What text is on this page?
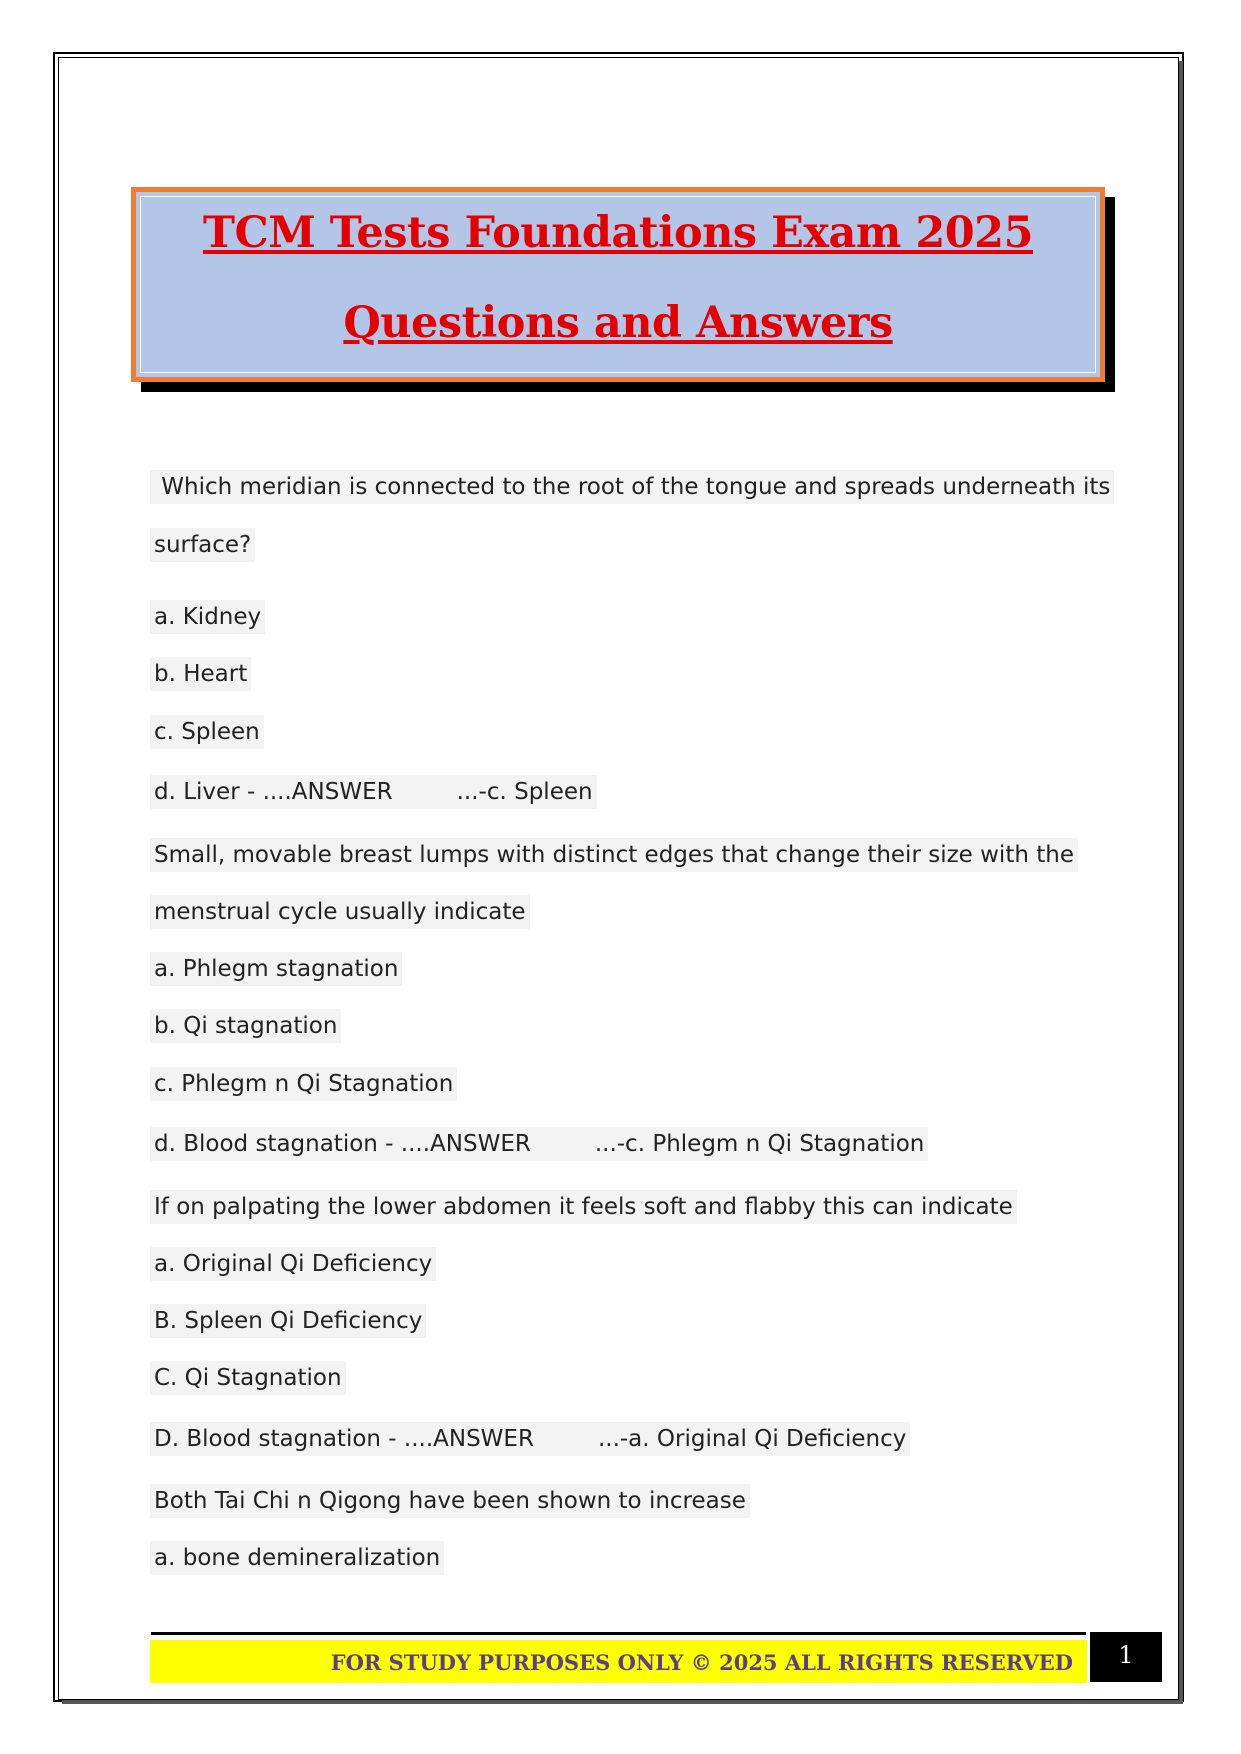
TCM Tests Foundations Exam 2025
Questions and Answers
Which meridian is connected to the root of the tongue and spreads underneath its
surface?
a. Kidney
b. Heart
c. Spleen
d. Liver - ....ANSWER	...-c. Spleen
Small, movable breast lumps with distinct edges that change their size with the
menstrual cycle usually indicate
a. Phlegm stagnation
b. Qi stagnation
c. Phlegm n Qi Stagnation
d. Blood stagnation - ....ANSWER	...-c. Phlegm n Qi Stagnation
If on palpating the lower abdomen it feels soft and flabby this can indicate
a. Original Qi Deficiency
B. Spleen Qi Deficiency
C. Qi Stagnation
D. Blood stagnation - ....ANSWER	...-a. Original Qi Deficiency
Both Tai Chi n Qigong have been shown to increase
a. bone demineralization
FOR STUDY PURPOSES ONLY © 2025 ALL RIGHTS RESERVED	1
